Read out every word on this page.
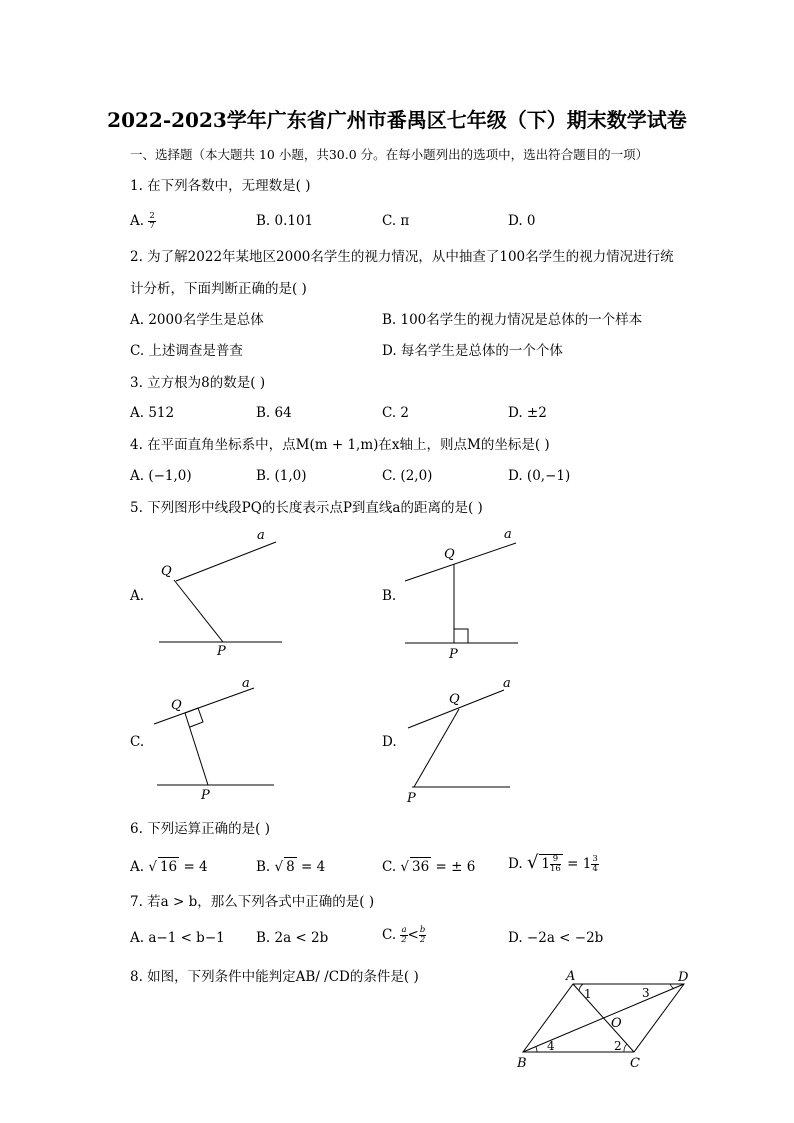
2022-2023学年广东省广州市番禺区七年级（下）期末数学试卷
一、选择题（本大题共 10 小题，共30.0 分。在每小题列出的选项中，选出符合题目的一项）
1. 在下列各数中，无理数是( )
A. $\frac{2}{7}$	B. 0.101	C. π	D. 0
2. 为了解2022年某地区2000名学生的视力情况，从中抽查了100名学生的视力情况进行统
计分析，下面判断正确的是( )
A. 2000名学生是总体	B. 100名学生的视力情况是总体的一个样本
C. 上述调查是普查	D. 每名学生是总体的一个个体
3. 立方根为8的数是( )
A. 512	B. 64	C. 2	D. ±2
4. 在平面直角坐标系中，点M(m + 1,m)在x轴上，则点M的坐标是( )
A. (−1,0)	B. (1,0)	C. (2,0)	D. (0,−1)
5. 下列图形中线段PQ的长度表示点P到直线a的距离的是( )
A.
a
Q
P
B.
a
Q
P
C.
a
Q
P
D.
a
Q
P
6. 下列运算正确的是( )
A. √ 16 = 4	B. √ 8 = 4	C. √ 36 = ± 6 D. √ $1 \frac{9}{16} = 1 \frac{3}{4}$
7. 若a > b，那么下列各式中正确的是( )
A. a−1 < b−1 B. 2a < 2b	C. $\frac{a}{2} < \frac{b}{2}$	D. −2a < −2b
8. 如图，下列条件中能判定AB/ /CD的条件是( )	A	D
B	C
O
1
2
3
4
